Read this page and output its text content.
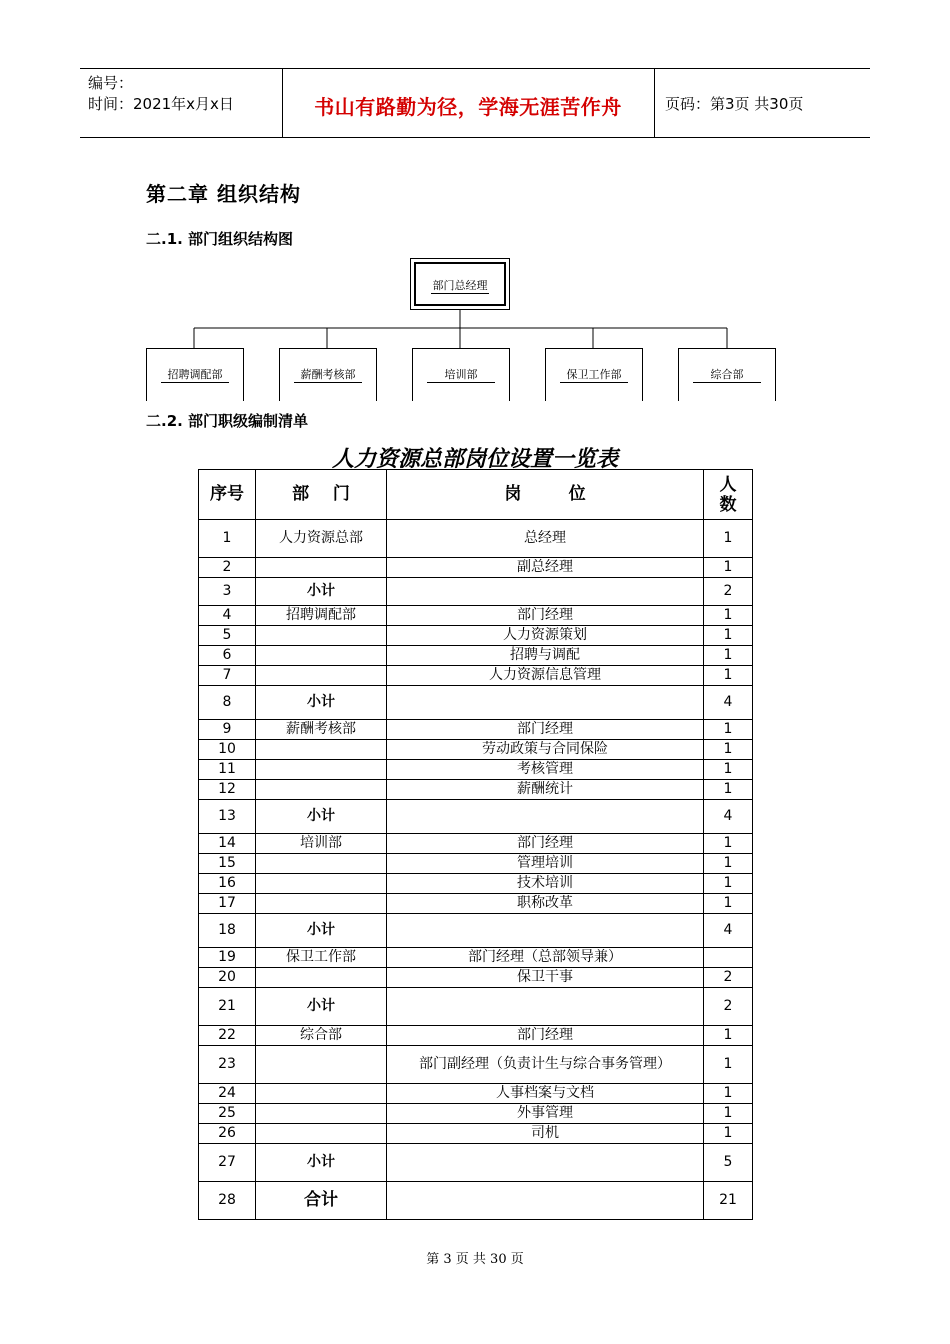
编号：
时间：2021年x月x日	书山有路勤为径，学海无涯苦作舟	页码：第3页 共30页
第二章 组织结构
二.1. 部门组织结构图
部门总经理
招聘调配部	薪酬考核部	培训部	保卫工作部	综合部
二.2. 部门职级编制清单
人力资源总部岗位设置一览表
序号	部    门	岗        位	人
数
1	人力资源总部	总经理	1
2		副总经理	1
3	小计		2
4	招聘调配部	部门经理	1
5		人力资源策划	1
6		招聘与调配	1
7		人力资源信息管理	1
8	小计		4
9	薪酬考核部	部门经理	1
10		劳动政策与合同保险	1
11		考核管理	1
12		薪酬统计	1
13	小计		4
14	培训部	部门经理	1
15		管理培训	1
16		技术培训	1
17		职称改革	1
18	小计		4
19	保卫工作部	部门经理（总部领导兼）	
20		保卫干事	2
21	小计		2
22	综合部	部门经理	1
23		部门副经理（负责计生与综合事务管理）	1
24		人事档案与文档	1
25		外事管理	1
26		司机	1
27	小计		5
28	合计		21
第 3 页 共 30 页
